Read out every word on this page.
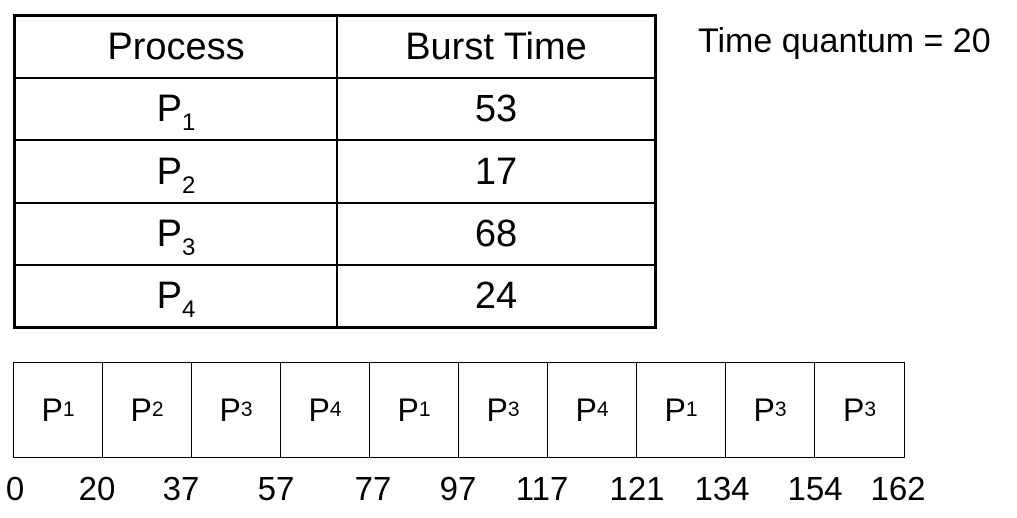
Process	Burst Time
$P_1$	53
$P_2$	17
$P_3$	68
$P_4$	24
Time quantum = 20
P 1 P 2 P 3 P 4 P 1 P 3 P 4 P 1 P 3 P 3
0 20 37 57 77 97 117 121 134 154 162
